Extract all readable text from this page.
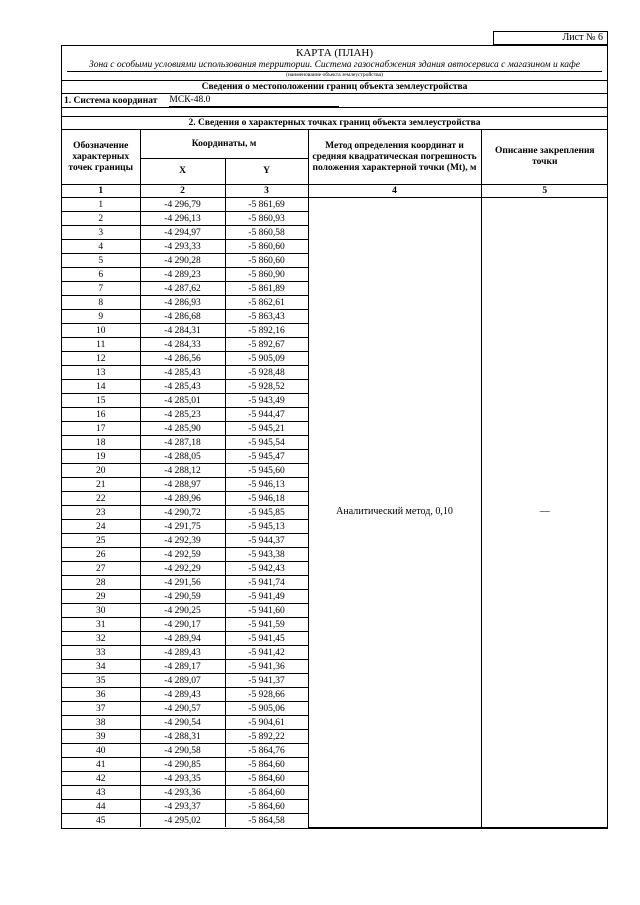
Лист № 6
КАРТА (ПЛАН)
Зона с особыми условиями использования территории. Система газоснабжения здания автосервиса с магазином и кафе
(наименование объекта землеустройства)
Сведения о местоположении границ объекта землеустройства
1. Система координат МСК-48.0
2. Сведения о характерных точках границ объекта землеустройства
Обозначение характерных точек границы	Координаты, м		Метод определения координат и средняя квадратическая погрешность положения характерной точки (Mt), м	Описание закрепления точки
	X	Y		
1	2	3	4	5
1	-4 296,79	-5 861,69	Аналитический метод, 0,10	—
2	-4 296,13	-5 860,93		
3	-4 294,97	-5 860,58		
4	-4 293,33	-5 860,60		
5	-4 290,28	-5 860,60		
6	-4 289,23	-5 860,90		
7	-4 287,62	-5 861,89		
8	-4 286,93	-5 862,61		
9	-4 286,68	-5 863,43		
10	-4 284,31	-5 892,16		
11	-4 284,33	-5 892,67		
12	-4 286,56	-5 905,09		
13	-4 285,43	-5 928,48		
14	-4 285,43	-5 928,52		
15	-4 285,01	-5 943,49		
16	-4 285,23	-5 944,47		
17	-4 285,90	-5 945,21		
18	-4 287,18	-5 945,54		
19	-4 288,05	-5 945,47		
20	-4 288,12	-5 945,60		
21	-4 288,97	-5 946,13		
22	-4 289,96	-5 946,18		
23	-4 290,72	-5 945,85		
24	-4 291,75	-5 945,13		
25	-4 292,39	-5 944,37		
26	-4 292,59	-5 943,38		
27	-4 292,29	-5 942,43		
28	-4 291,56	-5 941,74		
29	-4 290,59	-5 941,49		
30	-4 290,25	-5 941,60		
31	-4 290,17	-5 941,59		
32	-4 289,94	-5 941,45		
33	-4 289,43	-5 941,42		
34	-4 289,17	-5 941,36		
35	-4 289,07	-5 941,37		
36	-4 289,43	-5 928,66		
37	-4 290,57	-5 905,06		
38	-4 290,54	-5 904,61		
39	-4 288,31	-5 892,22		
40	-4 290,58	-5 864,76		
41	-4 290,85	-5 864,60		
42	-4 293,35	-5 864,60		
43	-4 293,36	-5 864,60		
44	-4 293,37	-5 864,60		
45	-4 295,02	-5 864,58		
